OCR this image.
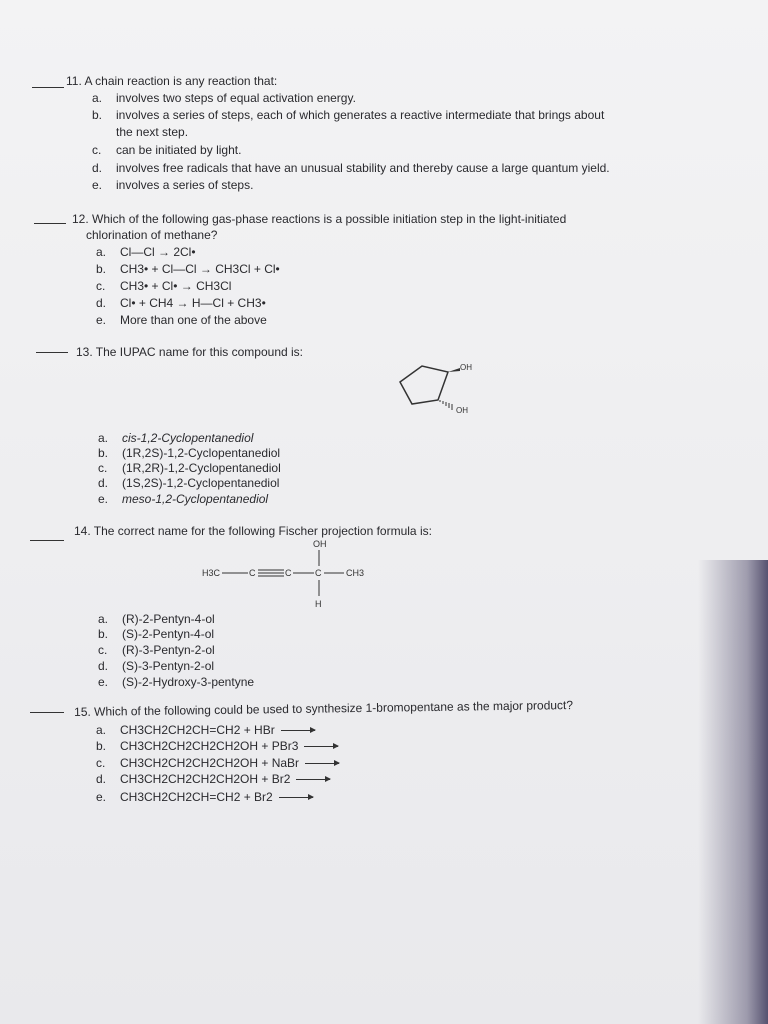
11. A chain reaction is any reaction that:
a. involves two steps of equal activation energy.
b. involves a series of steps, each of which generates a reactive intermediate that brings about
the next step.
c. can be initiated by light.
d. involves free radicals that have an unusual stability and thereby cause a large quantum yield.
e. involves a series of steps.
12. Which of the following gas-phase reactions is a possible initiation step in the light-initiated
chlorination of methane?
a. Cl—Cl → 2Cl•
b. CH3• + Cl—Cl → CH3Cl + Cl•
c. CH3• + Cl• → CH3Cl
d. Cl• + CH4 → H—Cl + CH3•
e. More than one of the above
13. The IUPAC name for this compound is:
OH
OH
a. cis-1,2-Cyclopentanediol
b. (1R,2S)-1,2-Cyclopentanediol
c. (1R,2R)-1,2-Cyclopentanediol
d. (1S,2S)-1,2-Cyclopentanediol
e. meso-1,2-Cyclopentanediol
14. The correct name for the following Fischer projection formula is:
OH
H3C	C	C	C	CH3
H
a. (R)-2-Pentyn-4-ol
b. (S)-2-Pentyn-4-ol
c. (R)-3-Pentyn-2-ol
d. (S)-3-Pentyn-2-ol
e. (S)-2-Hydroxy-3-pentyne
15. Which of the following could be used to synthesize 1-bromopentane as the major product?
a. CH3CH2CH2CH=CH2 + HBr →
b. CH3CH2CH2CH2CH2OH + PBr3 →
c. CH3CH2CH2CH2CH2OH + NaBr →
d. CH3CH2CH2CH2CH2OH + Br2 →
e. CH3CH2CH2CH=CH2 + Br2 →
